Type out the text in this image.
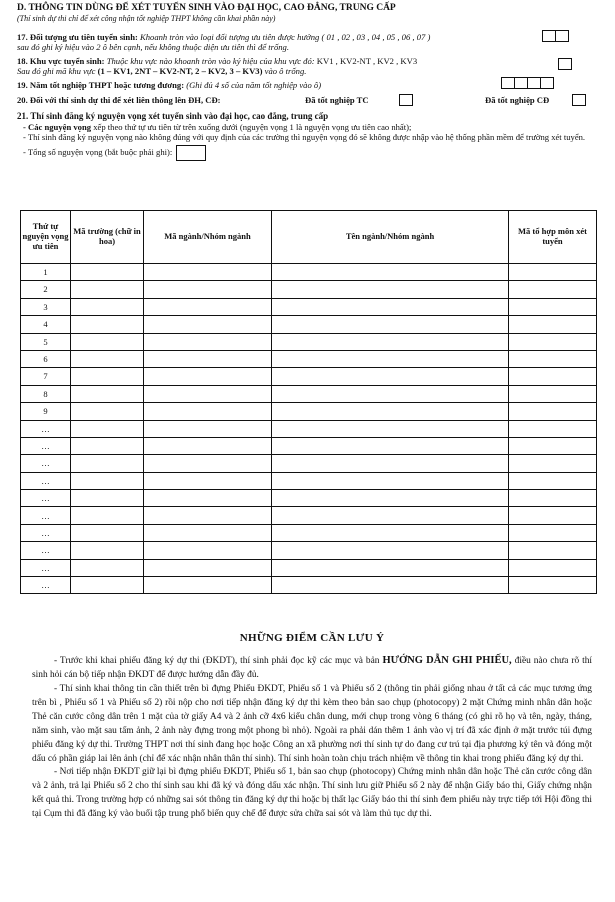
D. THÔNG TIN DÙNG ĐỂ XÉT TUYỂN SINH VÀO ĐẠI HỌC, CAO ĐẲNG, TRUNG CẤP
(Thí sinh dự thi chỉ để xét công nhận tốt nghiệp THPT không cần khai phần này)
17. Đối tượng ưu tiên tuyển sinh: Khoanh tròn vào loại đối tượng ưu tiên được hưởng ( 01 , 02 , 03 , 04 , 05 , 06 , 07 )
sau đó ghi ký hiệu vào 2 ô bên cạnh, nếu không thuộc diện ưu tiên thì để trống.
18. Khu vực tuyển sinh: Thuộc khu vực nào khoanh tròn vào ký hiệu của khu vực đó: KV1 , KV2-NT , KV2 , KV3
Sau đó ghi mã khu vực (1 – KV1, 2NT – KV2-NT, 2 – KV2, 3 – KV3) vào ô trống.
19. Năm tốt nghiệp THPT hoặc tương đương: (Ghi đủ 4 số của năm tốt nghiệp vào ô)
20. Đối với thí sinh dự thi để xét liên thông lên ĐH, CĐ:	Đã tốt nghiệp TC	Đã tốt nghiệp CĐ
21. Thí sinh đăng ký nguyện vọng xét tuyển sinh vào đại học, cao đẳng, trung cấp
- Các nguyện vọng xếp theo thứ tự ưu tiên từ trên xuống dưới (nguyện vọng 1 là nguyện vọng ưu tiên cao nhất);
- Thí sinh đăng ký nguyện vọng nào không đúng với quy định của các trường thì nguyện vọng đó sẽ không được nhập vào hệ thống phần mềm để trường xét tuyển.
- Tổng số nguyện vọng (bắt buộc phải ghi):
Thứ tự nguyện vọng ưu tiên	Mã trường (chữ in hoa)	Mã ngành/Nhóm ngành	Tên ngành/Nhóm ngành	Mã tổ hợp môn xét tuyển
1				
2				
3				
4				
5				
6				
7				
8				
9				
…				
…				
…				
…				
…				
…				
…				
…				
…				
…				
NHỮNG ĐIỂM CẦN LƯU Ý
- Trước khi khai phiếu đăng ký dự thi (ĐKDT), thí sinh phải đọc kỹ các mục và bản HƯỚNG DẪN GHI PHIẾU, điều nào chưa rõ thí sinh hỏi cán bộ tiếp nhận ĐKDT để được hướng dẫn đầy đủ.
- Thí sinh khai thông tin cần thiết trên bì đựng Phiếu ĐKDT, Phiếu số 1 và Phiếu số 2 (thông tin phải giống nhau ở tất cả các mục tương ứng trên bì , Phiếu số 1 và Phiếu số 2) rồi nộp cho nơi tiếp nhận đăng ký dự thi kèm theo bản sao chụp (photocopy) 2 mặt Chứng minh nhân dân hoặc Thẻ căn cước công dân trên 1 mặt của tờ giấy A4 và 2 ảnh cỡ 4x6 kiểu chân dung, mới chụp trong vòng 6 tháng (có ghi rõ họ và tên, ngày, tháng, năm sinh, vào mặt sau tấm ảnh, 2 ảnh này đựng trong một phong bì nhỏ). Ngoài ra phải dán thêm 1 ảnh vào vị trí đã xác định ở mặt trước túi đựng phiếu đăng ký dự thi. Trường THPT nơi thí sinh đang học hoặc Công an xã phường nơi thí sinh tự do đang cư trú tại địa phương ký tên và đóng một dấu có phần giáp lai lên ảnh (chỉ để xác nhận nhân thân thí sinh). Thí sinh hoàn toàn chịu trách nhiệm về thông tin khai trong phiếu đăng ký dự thi.
- Nơi tiếp nhận ĐKDT giữ lại bì đựng phiếu ĐKDT, Phiếu số 1, bản sao chụp (photocopy) Chứng minh nhân dân hoặc Thẻ căn cước công dân và 2 ảnh, trả lại Phiếu số 2 cho thí sinh sau khi đã ký và đóng dấu xác nhận. Thí sinh lưu giữ Phiếu số 2 này để nhận Giấy báo thi, Giấy chứng nhận kết quả thi. Trong trường hợp có những sai sót thông tin đăng ký dự thi hoặc bị thất lạc Giấy báo thi thí sinh đem phiếu này trực tiếp tới Hội đồng thi tại Cụm thi đã đăng ký vào buổi tập trung phổ biến quy chế để được sửa chữa sai sót và làm thủ tục dự thi.
